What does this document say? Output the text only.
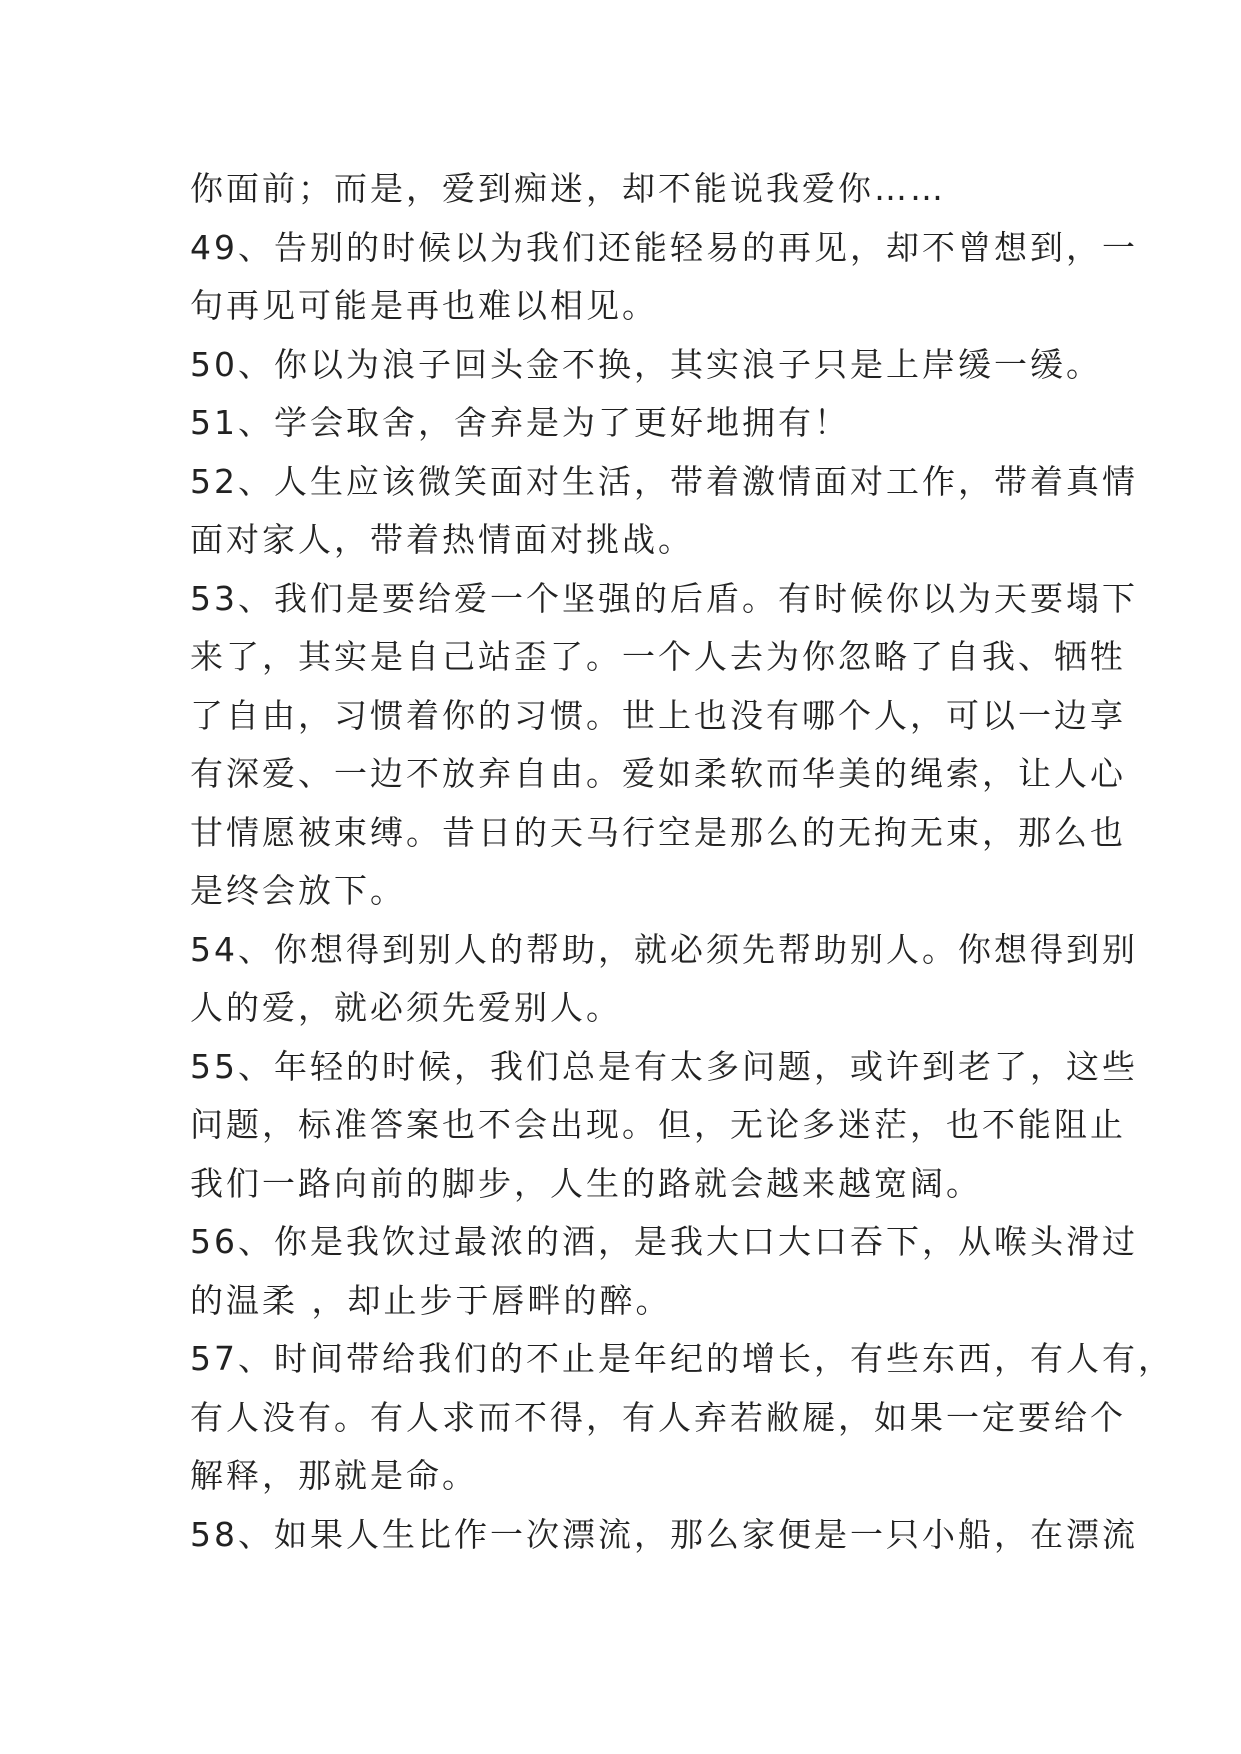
你面前；而是，爱到痴迷，却不能说我爱你……
49、告别的时候以为我们还能轻易的再见，却不曾想到，一
句再见可能是再也难以相见。
50、你以为浪子回头金不换，其实浪子只是上岸缓一缓。
51、学会取舍，舍弃是为了更好地拥有！
52、人生应该微笑面对生活，带着激情面对工作，带着真情
面对家人，带着热情面对挑战。
53、我们是要给爱一个坚强的后盾。有时候你以为天要塌下
来了，其实是自己站歪了。一个人去为你忽略了自我、牺牲
了自由，习惯着你的习惯。世上也没有哪个人，可以一边享
有深爱、一边不放弃自由。爱如柔软而华美的绳索，让人心
甘情愿被束缚。昔日的天马行空是那么的无拘无束，那么也
是终会放下。
54、你想得到别人的帮助，就必须先帮助别人。你想得到别
人的爱，就必须先爱别人。
55、年轻的时候，我们总是有太多问题，或许到老了，这些
问题，标准答案也不会出现。但，无论多迷茫，也不能阻止
我们一路向前的脚步，人生的路就会越来越宽阔。
56、你是我饮过最浓的酒，是我大口大口吞下，从喉头滑过
的温柔 ，却止步于唇畔的醉。
57、时间带给我们的不止是年纪的增长，有些东西，有人有，
有人没有。有人求而不得，有人弃若敝屣，如果一定要给个
解释，那就是命。
58、如果人生比作一次漂流，那么家便是一只小船，在漂流
